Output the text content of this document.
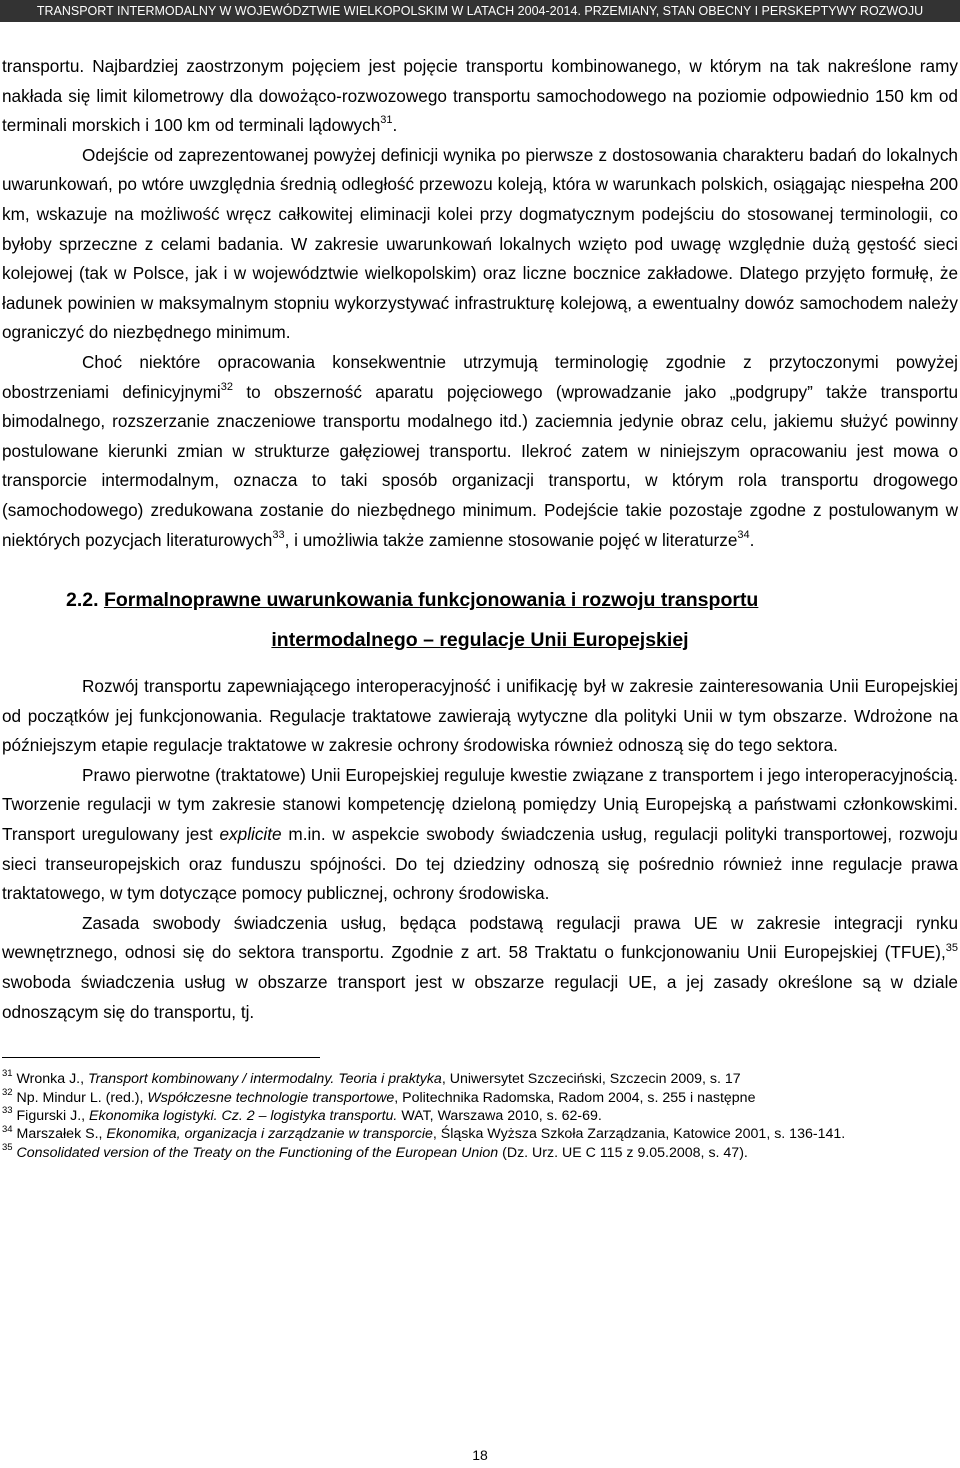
TRANSPORT INTERMODALNY W WOJEWÓDZTWIE WIELKOPOLSKIM W LATACH 2004-2014. PRZEMIANY, STAN OBECNY I PERSKEPTYWY ROZWOJU

transportu. Najbardziej zaostrzonym pojęciem jest pojęcie transportu kombinowanego, w którym na tak nakreślone ramy nakłada się limit kilometrowy dla dowożąco-rozwozowego transportu samochodowego na poziomie odpowiednio 150 km od terminali morskich i 100 km od terminali lądowych$^{31}$.

Odejście od zaprezentowanej powyżej definicji wynika po pierwsze z dostosowania charakteru badań do lokalnych uwarunkowań, po wtóre uwzględnia średnią odległość przewozu koleją, która w warunkach polskich, osiągając niespełna 200 km, wskazuje na możliwość wręcz całkowitej eliminacji kolei przy dogmatycznym podejściu do stosowanej terminologii, co byłoby sprzeczne z celami badania. W zakresie uwarunkowań lokalnych wzięto pod uwagę względnie dużą gęstość sieci kolejowej (tak w Polsce, jak i w województwie wielkopolskim) oraz liczne bocznice zakładowe. Dlatego przyjęto formułę, że ładunek powinien w maksymalnym stopniu wykorzystywać infrastrukturę kolejową, a ewentualny dowóz samochodem należy ograniczyć do niezbędnego minimum.

Choć niektóre opracowania konsekwentnie utrzymują terminologię zgodnie z przytoczonymi powyżej obostrzeniami definicyjnymi$^{32}$ to obszerność aparatu pojęciowego (wprowadzanie jako „podgrupy” także transportu bimodalnego, rozszerzanie znaczeniowe transportu modalnego itd.) zaciemnia jedynie obraz celu, jakiemu służyć powinny postulowane kierunki zmian w strukturze gałęziowej transportu. Ilekroć zatem w niniejszym opracowaniu jest mowa o transporcie intermodalnym, oznacza to taki sposób organizacji transportu, w którym rola transportu drogowego (samochodowego) zredukowana zostanie do niezbędnego minimum. Podejście takie pozostaje zgodne z postulowanym w niektórych pozycjach literaturowych$^{33}$, i umożliwia także zamienne stosowanie pojęć w literaturze$^{34}$.

2.2. Formalnoprawne uwarunkowania funkcjonowania i rozwoju transportu
intermodalnego – regulacje Unii Europejskiej

Rozwój transportu zapewniającego interoperacyjność i unifikację był w zakresie zainteresowania Unii Europejskiej od początków jej funkcjonowania. Regulacje traktatowe zawierają wytyczne dla polityki Unii w tym obszarze. Wdrożone na późniejszym etapie regulacje traktatowe w zakresie ochrony środowiska również odnoszą się do tego sektora.

Prawo pierwotne (traktatowe) Unii Europejskiej reguluje kwestie związane z transportem i jego interoperacyjnością. Tworzenie regulacji w tym zakresie stanowi kompetencję dzieloną pomiędzy Unią Europejską a państwami członkowskimi. Transport uregulowany jest explicite m.in. w aspekcie swobody świadczenia usług, regulacji polityki transportowej, rozwoju sieci transeuropejskich oraz funduszu spójności. Do tej dziedziny odnoszą się pośrednio również inne regulacje prawa traktatowego, w tym dotyczące pomocy publicznej, ochrony środowiska.

Zasada swobody świadczenia usług, będąca podstawą regulacji prawa UE w zakresie integracji rynku wewnętrznego, odnosi się do sektora transportu. Zgodnie z art. 58 Traktatu o funkcjonowaniu Unii Europejskiej (TFUE),$^{35}$ swoboda świadczenia usług w obszarze transport jest w obszarze regulacji UE, a jej zasady określone są w dziale odnoszącym się do transportu, tj.

$^{31}$ Wronka J., Transport kombinowany / intermodalny. Teoria i praktyka, Uniwersytet Szczeciński, Szczecin 2009, s. 17

$^{32}$ Np. Mindur L. (red.), Współczesne technologie transportowe, Politechnika Radomska, Radom 2004, s. 255 i następne

$^{33}$ Figurski J., Ekonomika logistyki. Cz. 2 – logistyka transportu. WAT, Warszawa 2010, s. 62-69.

$^{34}$ Marszałek S., Ekonomika, organizacja i zarządzanie w transporcie, Śląska Wyższa Szkoła Zarządzania, Katowice 2001, s. 136-141.

$^{35}$ Consolidated version of the Treaty on the Functioning of the European Union (Dz. Urz. UE C 115 z 9.05.2008, s. 47).

18
